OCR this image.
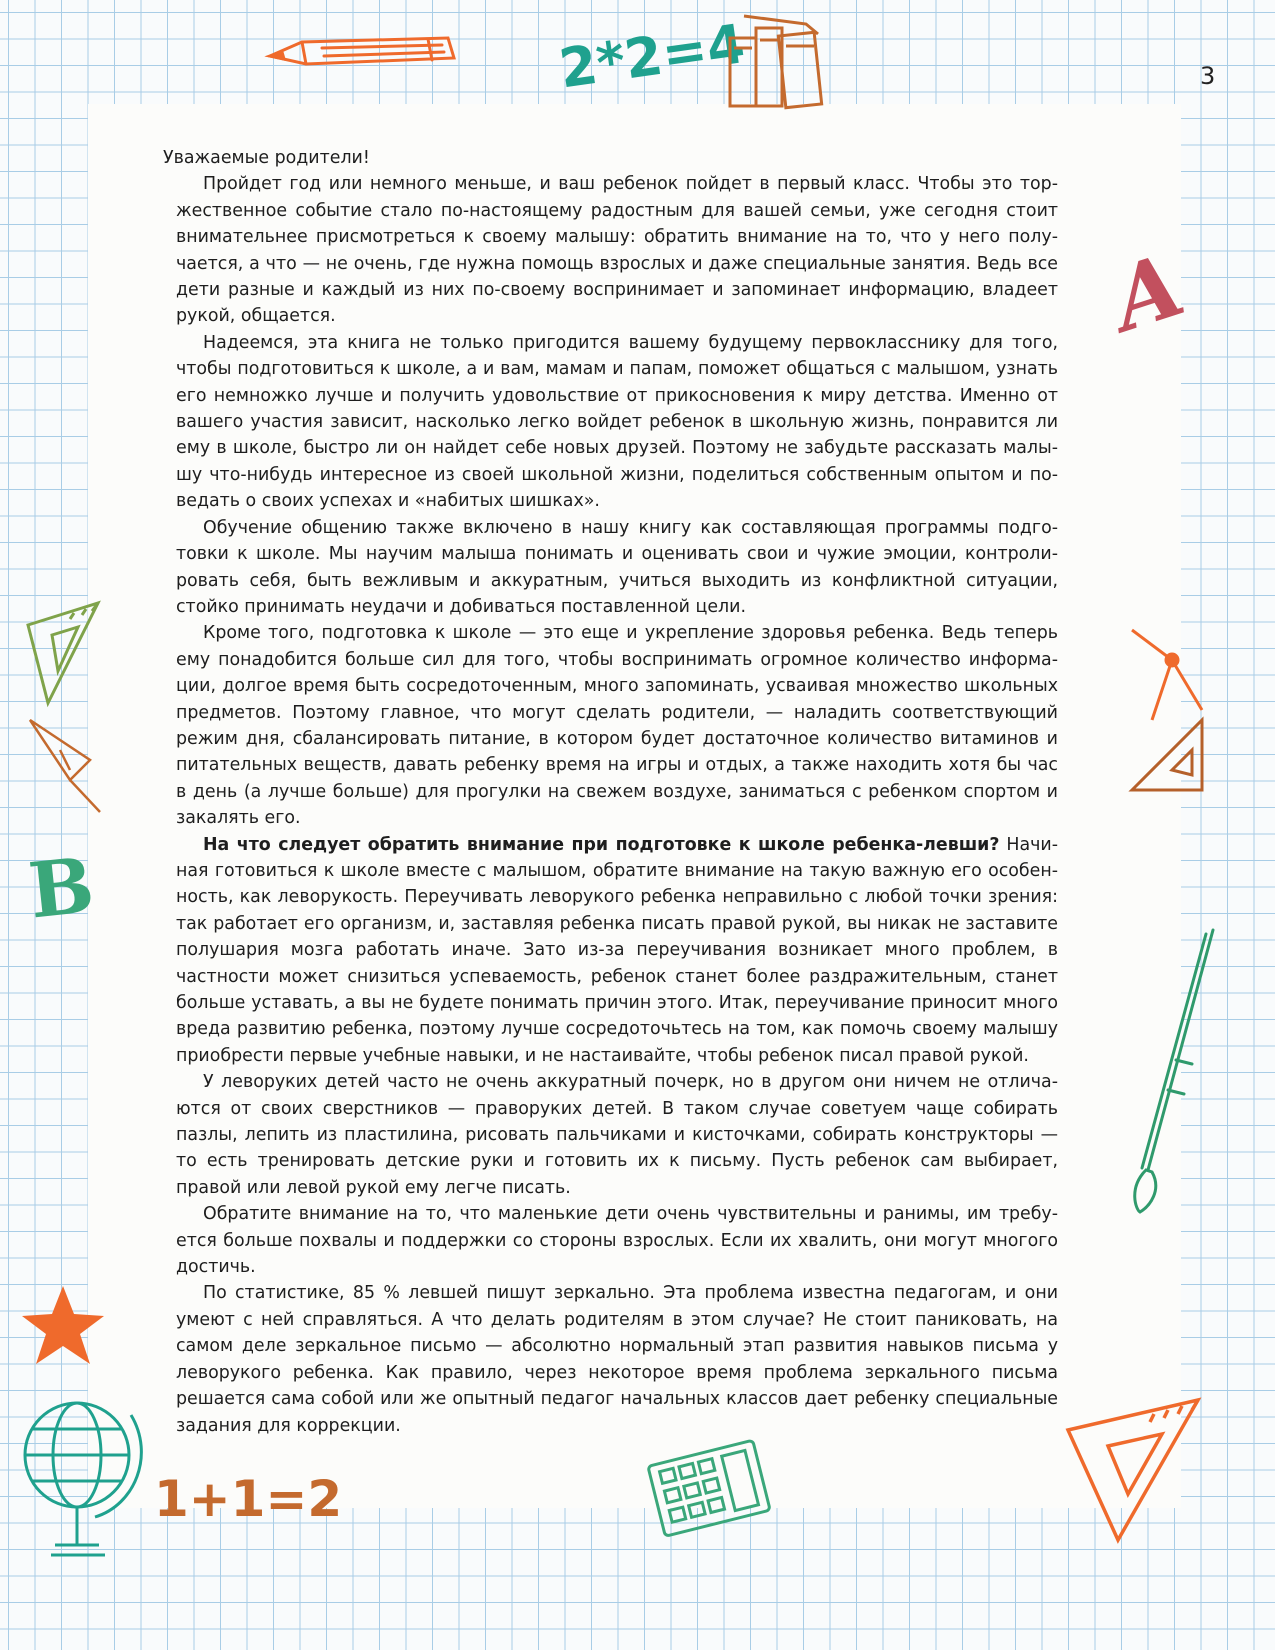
3
2*2=4
A
B
1+1=2

Уважаемые родители!

Пройдет год или немного меньше, и ваш ребенок пойдет в первый класс. Чтобы это торжественное событие стало по-настоящему радостным для вашей семьи, уже сегодня стоит внимательнее присмотреться к своему малышу: обратить внимание на то, что у него получается, а что — не очень, где нужна помощь взрослых и даже специальные занятия. Ведь все дети разные и каждый из них по-своему воспринимает и запоминает информацию, владеет рукой, общается.

Надеемся, эта книга не только пригодится вашему будущему первокласснику для того, чтобы подготовиться к школе, а и вам, мамам и папам, поможет общаться с малышом, узнать его немножко лучше и получить удовольствие от прикосновения к миру детства. Именно от вашего участия зависит, насколько легко войдет ребенок в школьную жизнь, понравится ли ему в школе, быстро ли он найдет себе новых друзей. Поэтому не забудьте рассказать малышу что-нибудь интересное из своей школьной жизни, поделиться собственным опытом и поведать о своих успехах и «набитых шишках».

Обучение общению также включено в нашу книгу как составляющая программы подготовки к школе. Мы научим малыша понимать и оценивать свои и чужие эмоции, контролировать себя, быть вежливым и аккуратным, учиться выходить из конфликтной ситуации, стойко принимать неудачи и добиваться поставленной цели.

Кроме того, подготовка к школе — это еще и укрепление здоровья ребенка. Ведь теперь ему понадобится больше сил для того, чтобы воспринимать огромное количество информации, долгое время быть сосредоточенным, много запоминать, усваивая множество школьных предметов. Поэтому главное, что могут сделать родители, — наладить соответствующий режим дня, сбалансировать питание, в котором будет достаточное количество витаминов и питательных веществ, давать ребенку время на игры и отдых, а также находить хотя бы час в день (а лучше больше) для прогулки на свежем воздухе, заниматься с ребенком спортом и закалять его.

На что следует обратить внимание при подготовке к школе ребенка-левши? Начиная готовиться к школе вместе с малышом, обратите внимание на такую важную его особенность, как леворукость. Переучивать леворукого ребенка неправильно с любой точки зрения: так работает его организм, и, заставляя ребенка писать правой рукой, вы никак не заставите полушария мозга работать иначе. Зато из-за переучивания возникает много проблем, в частности может снизиться успеваемость, ребенок станет более раздражительным, станет больше уставать, а вы не будете понимать причин этого. Итак, переучивание приносит много вреда развитию ребенка, поэтому лучше сосредоточьтесь на том, как помочь своему малышу приобрести первые учебные навыки, и не настаивайте, чтобы ребенок писал правой рукой.

У леворуких детей часто не очень аккуратный почерк, но в другом они ничем не отличаются от своих сверстников — праворуких детей. В таком случае советуем чаще собирать пазлы, лепить из пластилина, рисовать пальчиками и кисточками, собирать конструкторы — то есть тренировать детские руки и готовить их к письму. Пусть ребенок сам выбирает, правой или левой рукой ему легче писать.

Обратите внимание на то, что маленькие дети очень чувствительны и ранимы, им требуется больше похвалы и поддержки со стороны взрослых. Если их хвалить, они могут многого достичь.

По статистике, 85 % левшей пишут зеркально. Эта проблема известна педагогам, и они умеют с ней справляться. А что делать родителям в этом случае? Не стоит паниковать, на самом деле зеркальное письмо — абсолютно нормальный этап развития навыков письма у леворукого ребенка. Как правило, через некоторое время проблема зеркального письма решается сама собой или же опытный педагог начальных классов дает ребенку специальные задания для коррекции.
